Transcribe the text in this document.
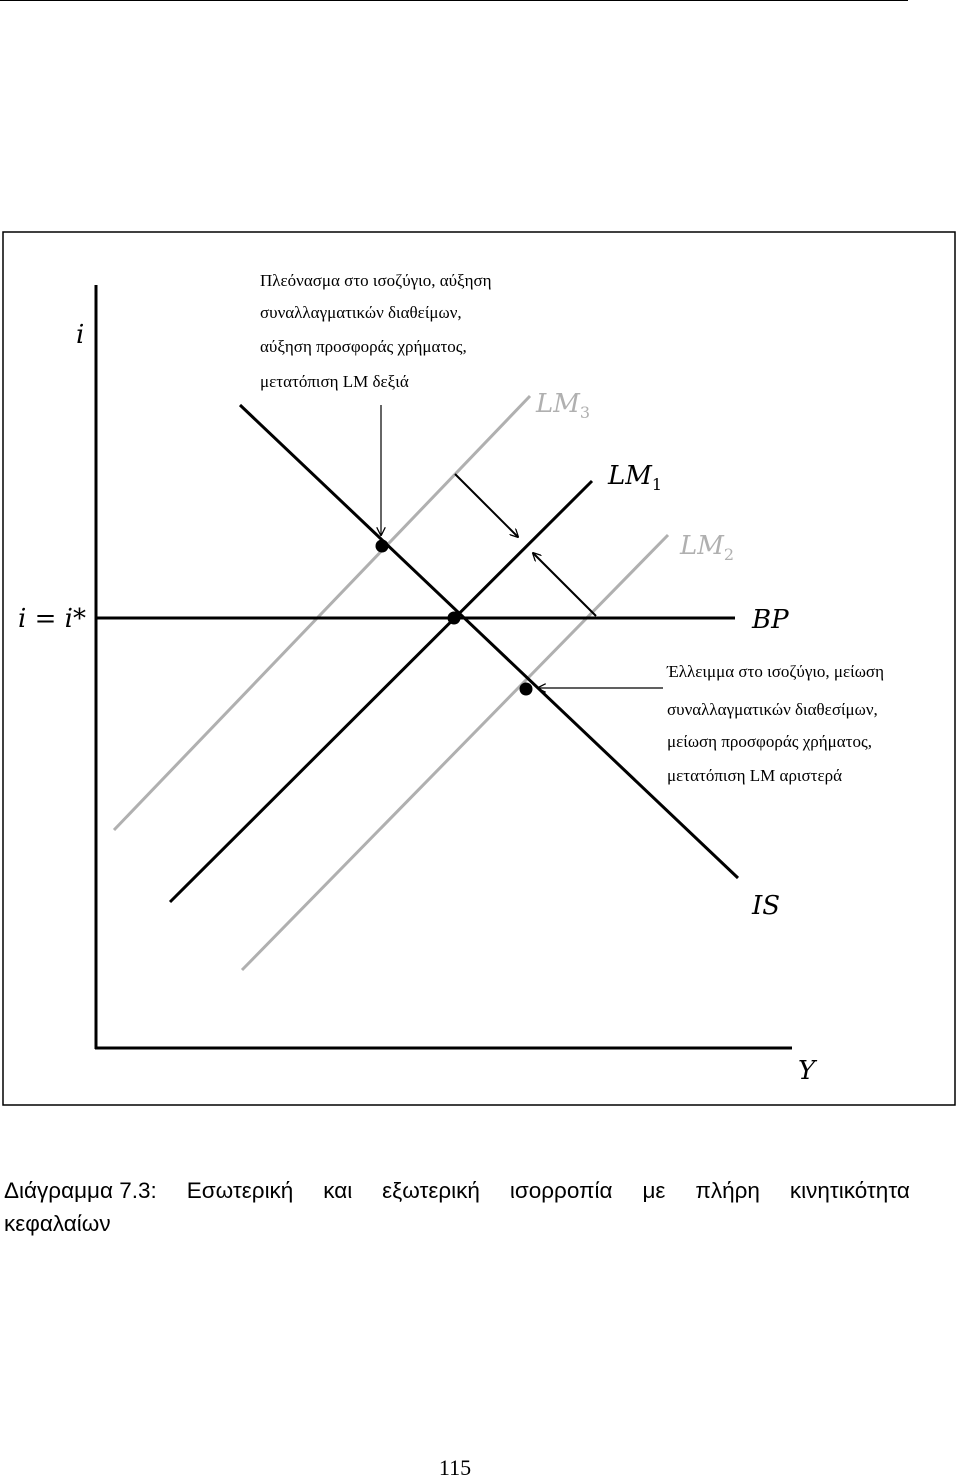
i
Y
i = i*	BP
IS
LM1
LM3
LM2
Πλεόνασμα στο ισοζύγιο, αύξηση
συναλλαγματικών διαθείμων,
αύξηση προσφοράς χρήματος,
μετατόπιση LM δεξιά
Έλλειμμα στο ισοζύγιο, μείωση
συναλλαγματικών διαθεσίμων,
μείωση προσφοράς χρήματος,
μετατόπιση LM αριστερά
Διάγραμμα 7.3: Εσωτερική και εξωτερική ισορροπία με πλήρη κινητικότητα
κεφαλαίων
115
